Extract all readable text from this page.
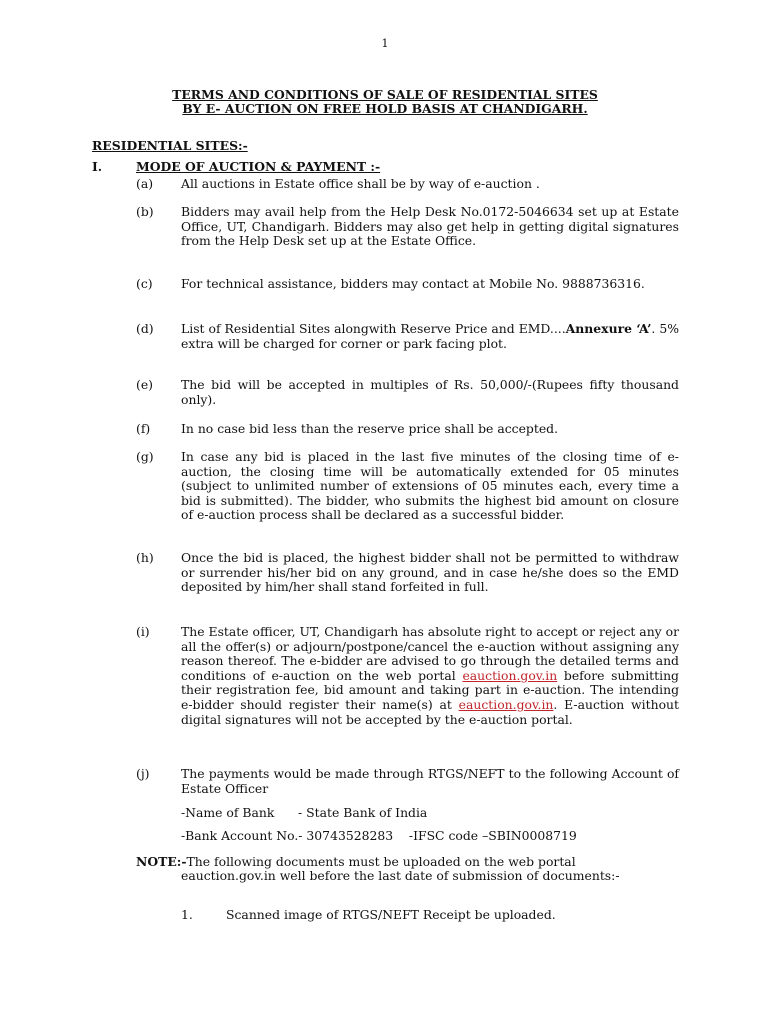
1
TERMS AND CONDITIONS OF SALE OF RESIDENTIAL SITES
BY E- AUCTION ON FREE HOLD BASIS AT CHANDIGARH.
RESIDENTIAL SITES:-
I.	MODE OF AUCTION & PAYMENT :-
(a) All auctions in Estate office shall be by way of e-auction .
(b) Bidders may avail help from the Help Desk No.0172-5046634 set up at Estate Office, UT, Chandigarh. Bidders may also get help in getting digital signatures from the Help Desk set up at the Estate Office.
(c) For technical assistance, bidders may contact at Mobile No. 9888736316.
(d) List of Residential Sites alongwith Reserve Price and EMD....Annexure ‘A’. 5% extra will be charged for corner or park facing plot.
(e) The bid will be accepted in multiples of Rs. 50,000/-(Rupees fifty thousand only).
(f) In no case bid less than the reserve price shall be accepted.
(g) In case any bid is placed in the last five minutes of the closing time of e-auction, the closing time will be automatically extended for 05 minutes (subject to unlimited number of extensions of 05 minutes each, every time a bid is submitted). The bidder, who submits the highest bid amount on closure of e-auction process shall be declared as a successful bidder.
(h) Once the bid is placed, the highest bidder shall not be permitted to withdraw or surrender his/her bid on any ground, and in case he/she does so the EMD deposited by him/her shall stand forfeited in full.
(i)	The Estate officer, UT, Chandigarh has absolute right to accept or reject any or all the offer(s) or adjourn/postpone/cancel the e-auction without assigning any reason thereof. The e-bidder are advised to go through the detailed terms and conditions of e-auction on the web portal eauction.gov.in before submitting their registration fee, bid amount and taking part in e-auction. The intending e-bidder should register their name(s) at eauction.gov.in. E-auction without digital signatures will not be accepted by the e-auction portal.
(j)	The payments would be made through RTGS/NEFT to the following Account of Estate Officer
-Name of Bank      - State Bank of India
-Bank Account No.- 30743528283    -IFSC code –SBIN0008719
NOTE:-The following documents must be uploaded on the web portal
eauction.gov.in well before the last date of submission of documents:-
1.	Scanned image of RTGS/NEFT Receipt be uploaded.
